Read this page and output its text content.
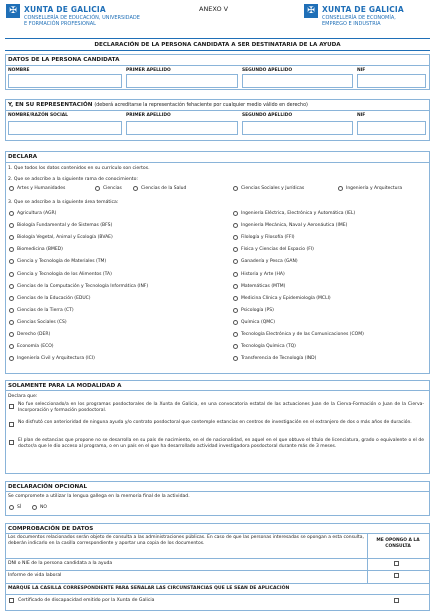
✠ XUNTA DE GALICIA
CONSELLERÍA DE EDUCACIÓN, UNIVERSIDADE
E FORMACIÓN PROFESIONAL
ANEXO V	✠ XUNTA DE GALICIA
CONSELLERÍA DE ECONOMÍA,
EMPREGO E INDUSTRIA
DECLARACIÓN DE LA PERSONA CANDIDATA A SER DESTINATARIA DE LA AYUDA
DATOS DE LA PERSONA CANDIDATA
NOMBRE	PRIMER APELLIDO	SEGUNDO APELLIDO	NIF
Y, EN SU REPRESENTACIÓN (deberá acreditarse la representación fehaciente por cualquier medio válido en derecho)
NOMBRE/RAZÓN SOCIAL	PRIMER APELLIDO	SEGUNDO APELLIDO	NIF
DECLARA
1. Que todos los datos contenidos en su currículo son ciertos.
2. Que se adscribe a la siguiente rama de conocimiento:
Artes y Humanidades	Ciencias	Ciencias de la Salud	Ciencias Sociales y Jurídicas	Ingeniería y Arquitectura
3. Que se adscribe a la siguiente área temática:
Agricultura (AGR)
Biología Fundamental y de Sistemas (BFS)
Biología Vegetal, Animal y Ecología (BVAE)
Biomedicina (BMED)
Ciencia y Tecnología de Materiales (TM)
Ciencia y Tecnología de los Alimentos (TA)
Ciencias de la Computación y Tecnología Informática (INF)
Ciencias de la Educación (EDUC)
Ciencias de la Tierra (CT)
Ciencias Sociales (CS)
Derecho (DER)
Economía (ECO)
Ingeniería Civil y Arquitectura (ICI)
Ingeniería Eléctrica, Electrónica y Automática (IEL)
Ingeniería Mecánica, Naval y Aeronáutica (IME)
Filología y Filosofía (FFI)
Física y Ciencias del Espacio (FI)
Ganadería y Pesca (GAN)
Historia y Arte (HA)
Matemáticas (MTM)
Medicina Clínica y Epidemiología (MCLI)
Psicología (PS)
Química (QMC)
Tecnología Electrónica y de las Comunicaciones (COM)
Tecnología Química (TQ)
Transferencia de Tecnología (IND)
SOLAMENTE PARA LA MODALIDAD A
Declara que:
No fue seleccionado/a en los programas posdoctorales de la Xunta de Galicia, en una convocatoria estatal de las actuaciones Juan de la Cierva-Formación o Juan de la Cierva-Incorporación y formación posdoctoral.
No disfrutó con anterioridad de ninguna ayuda y/o contrato posdoctoral que contemple estancias en centros de investigación en el extranjero de dos o más años de duración.
El plan de estancias que propone no se desarrolla en su país de nacimiento, en el de nacionalidad, en aquel en el que obtuvo el título de licenciatura, grado o equivalente o el de doctor/a que le dio acceso al programa, o en un país en el que ha desarrollado actividad investigadora posdoctoral durante más de 3 meses.
DECLARACIÓN OPCIONAL
Se compromete a utilizar la lengua gallega en la memoria final de la actividad.
SÍ	NO
COMPROBACIÓN DE DATOS
Los documentos relacionados serán objeto de consulta a las administraciones públicas. En caso de que las personas interesadas se opongan a esta consulta, deberán indicarlo en la casilla correspondiente y aportar una copia de los documentos.
ME OPONGO A LA CONSULTA
DNI o NIE de la persona candidata a la ayuda
Informe de vida laboral
MARQUE LA CASILLA CORRESPONDIENTE PARA SEÑALAR LAS CIRCUNSTANCIAS QUE LE SEAN DE APLICACIÓN
Certificado de discapacidad emitido por la Xunta de Galicia
